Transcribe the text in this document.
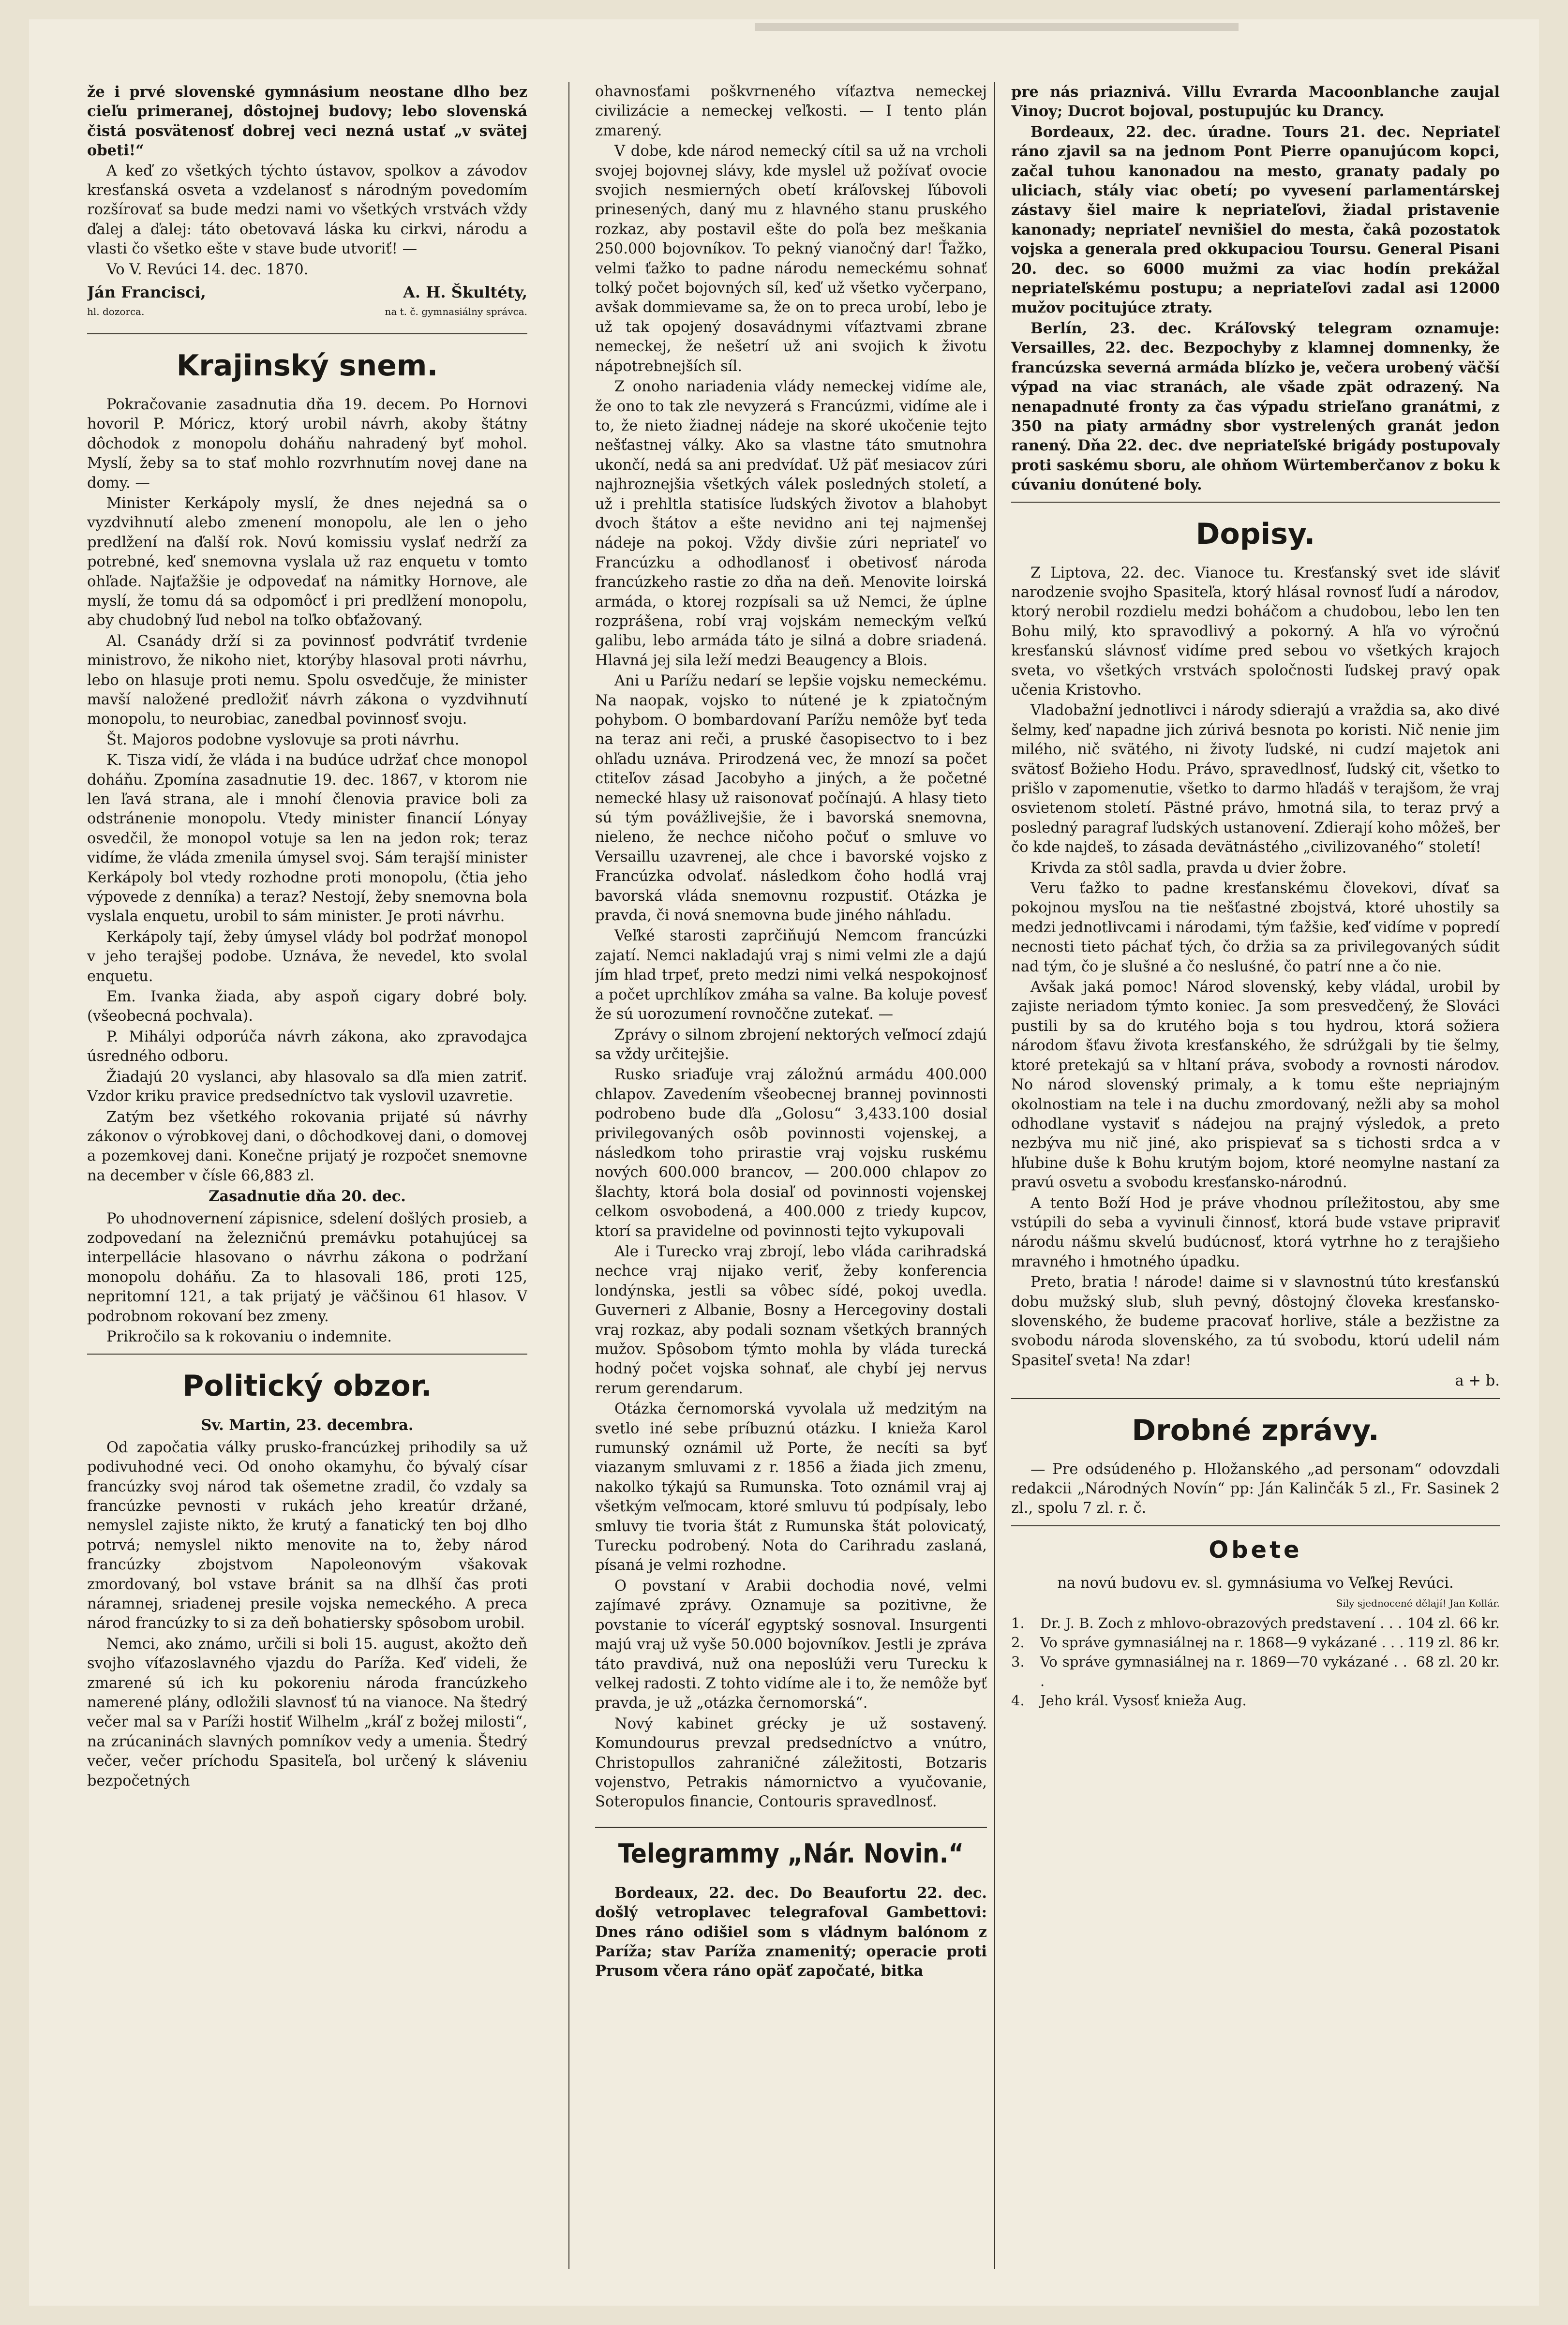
že i prvé slovenské gymnásium neostane dlho bez cieľu primeranej, dôstojnej budovy; lebo slovenská čistá posvätenosť dobrej veci nezná ustať „v svätej obeti!“

A keď zo všetkých týchto ústavov, spolkov a závodov kresťanská osveta a vzdelanosť s národným povedomím rozšírovať sa bude medzi nami vo všetkých vrstvách vždy ďalej a ďalej: táto obetovavá láska ku cirkvi, národu a vlasti čo všetko ešte v stave bude utvoriť! —

Vo V. Revúci 14. dec. 1870.

Ján Francisci,	A. H. Škultéty,
hl. dozorca.	na t. č. gymnasiálny správca.
Krajinský snem.

Pokračovanie zasadnutia dňa 19. decem. Po Hornovi hovoril P. Móricz, ktorý urobil návrh, akoby štátny dôchodok z monopolu doháňu nahradený byť mohol. Myslí, žeby sa to stať mohlo rozvrhnutím novej dane na domy. —

Minister Kerkápoly myslí, že dnes nejedná sa o vyzdvihnutí alebo zmenení monopolu, ale len o jeho predlžení na ďalší rok. Novú komissiu vyslať nedrží za potrebné, keď snemovna vyslala už raz enquetu v tomto ohľade. Najťažšie je odpovedať na námitky Hornove, ale myslí, že tomu dá sa odpomôcť i pri predlžení monopolu, aby chudobný ľud nebol na toľko obťažovaný.

Al. Csanády drží si za povinnosť podvrátiť tvrdenie ministrovo, že nikoho niet, ktorýby hlasoval proti návrhu, lebo on hlasuje proti nemu. Spolu osvedčuje, že minister mavší naložené predložiť návrh zákona o vyzdvihnutí monopolu, to neurobiac, zanedbal povinnosť svoju.

Št. Majoros podobne vyslovuje sa proti návrhu.

K. Tisza vidí, že vláda i na budúce udržať chce monopol doháňu. Zpomína zasadnutie 19. dec. 1867, v ktorom nie len ľavá strana, ale i mnohí členovia pravice boli za odstránenie monopolu. Vtedy minister financií Lónyay osvedčil, že monopol votuje sa len na jedon rok; teraz vidíme, že vláda zmenila úmysel svoj. Sám terajší minister Kerkápoly bol vtedy rozhodne proti monopolu, (čtia jeho výpovede z denníka) a teraz? Nestojí, žeby snemovna bola vyslala enquetu, urobil to sám minister. Je proti návrhu.

Kerkápoly tají, žeby úmysel vlády bol podržať monopol v jeho terajšej podobe. Uznáva, že nevedel, kto svolal enquetu.

Em. Ivanka žiada, aby aspoň cigary dobré boly. (všeobecná pochvala).

P. Mihályi odporúča návrh zákona, ako zpravodajca úsredného odboru.

Žiadajú 20 vyslanci, aby hlasovalo sa dľa mien zatriť. Vzdor kriku pravice predsedníctvo tak vyslovil uzavretie.

Zatým bez všetkého rokovania prijaté sú návrhy zákonov o výrobkovej dani, o dôchodkovej dani, o domovej a pozemkovej dani. Konečne prijatý je rozpočet snemovne na december v čísle 66,883 zl.

Zasadnutie dňa 20. dec.

Po uhodnovernení zápisnice, sdelení došlých prosieb, a zodpovedaní na železničnú premávku potahujúcej sa interpelláciе hlasovano o návrhu zákona o podržaní monopolu doháňu. Za to hlasovali 186, proti 125, nepritomní 121, a tak prijatý je väčšinou 61 hlasov. V podrobnom rokovaní bez zmeny.

Prikročilo sa k rokovaniu o indemnite.

Politický obzor.

Sv. Martin, 23. decembra.

Od započatia války prusko-francúzkej prihodily sa už podivuhodné veci. Od onoho okamyhu, čo bývalý císar francúzky svoj národ tak ošemetne zradil, čo vzdaly sa francúzke pevnosti v rukách jeho kreatúr držané, nemyslel zajiste nikto, že krutý a fanatický ten boj dlho potrvá; nemyslel nikto menovite na to, žeby národ francúzky zbojstvom Napoleonovým všakovak zmordovaný, bol vstave bránit sa na dlhší čas proti náramnej, sriadenej presile vojska nemeckého. A preca národ francúzky to si za deň bohatiersky spôsobom urobil.

Nemci, ako známo, určili si boli 15. august, akožto deň svojho víťazoslavného vjazdu do Paríža. Keď videli, že zmarené sú ich ku pokoreniu národa francúzkeho namerené plány, odložili slavnosť tú na vianoce. Na štedrý večer mal sa v Paríži hostiť Wilhelm „kráľ z božej milosti“, na zrúcaninách slavných pomníkov vedy a umenia. Štedrý večer, večer príchodu Spasiteľa, bol určený k sláveniu bezpočetných

ohavnosťami poškvrneného víťaztva nemeckej civilizácie a nemeckej veľkosti. — I tento plán zmarený.

V dobe, kde národ nemecký cítil sa už na vrcholi svojej bojovnej slávy, kde myslel už požívať ovocie svojich nesmierných obetí kráľovskej ľúbovoli prinesených, daný mu z hlavného stanu pruského rozkaz, aby postavil ešte do poľa bez meškania 250.000 bojovníkov. To pekný vianočný dar! Ťažko, velmi ťažko to padne národu nemeckému sohnať tolký počet bojovných síl, keď už všetko vyčerpano, avšak dommievame sa, že on to preca urobí, lebo je už tak opojený dosavádnymi víťaztvami zbrane nemeckej, že nešetrí už ani svojich k životu nápotrebnejších síl.

Z onoho nariadenia vlády nemeckej vidíme ale, že ono to tak zle nevyzerá s Francúzmi, vidíme ale i to, že nieto žiadnej nádeje na skoré ukočenie tejto nešťastnej války. Ako sa vlastne táto smutnohra ukončí, nedá sa ani predvídať. Už päť mesiacov zúri najhroznejšia všetkých válek posledných století, a už i prehltla statisíce ľudských životov a blahobyt dvoch štátov a ešte nevidno ani tej najmenšej nádeje na pokoj. Vždy divšie zúri nepriateľ vo Francúzku a odhodlanosť i obetivosť národa francúzkeho rastie zo dňa na deň. Menovite loirská armáda, o ktorej rozpísali sa už Nemci, že úplne rozprášena, robí vraj vojskám nemeckým veľkú galibu, lebo armáda táto je silná a dobre sriadená. Hlavná jej sila leží medzi Beaugency a Blois.

Ani u Parížu nedarí se lepšie vojsku nemeckému. Na naopak, vojsko to nútené je k zpiatočným pohybom. O bombardovaní Parížu nemôže byť teda na teraz ani reči, a pruské časopisectvo to i bez ohľadu uznáva. Prirodzená vec, že mnozí sa počet ctiteľov zásad Jacobyho a jiných, a že početné nemecké hlasy už raisonovať počínajú. A hlasy tieto sú tým povážlivejšie, že i bavorská snemovna, nieleno, že nechce ničoho počuť o smluve vo Versaillu uzavrenej, ale chce i bavorské vojsko z Francúzka odvolať. následkom čoho hodlá vraj bavorská vláda snemovnu rozpustiť. Otázka je pravda, či nová snemovna bude jiného náhľadu.

Veľké starosti zaprčiňujú Nemcom francúzki zajatí. Nemci nakladajú vraj s nimi velmi zle a dajú jím hlad trpeť, preto medzi nimi velká nespokojnosť a počet uprchlíkov zmáha sa valne. Ba koluje povesť že sú uorozumení rovnoččne zutekať. —

Zprávy o silnom zbrojení nektorých veľmocí zdajú sa vždy určitejšie.

Rusko sriaďuje vraj záložnú armádu 400.000 chlapov. Zavedením všeobecnej brannej povinnosti podrobeno bude dľa „Golosu“ 3,433.100 dosiaľ privilegovaných osôb povinnosti vojenskej, a následkom toho prirastie vraj vojsku ruskému nových 600.000 brancov, — 200.000 chlapov zo šlachty, ktorá bola dosiaľ od povinnosti vojenskej celkom osvobodená, a 400.000 z triedy kupcov, ktorí sa pravidelne od povinnosti tejto vykupovali

Ale i Turecko vraj zbrojí, lebo vláda carihradská nechce vraj nijako veriť, žeby konferencia londýnska, jestli sa vôbec sídé, pokoj uvedla. Guverneri z Albanie, Bosny a Hercegoviny dostali vraj rozkaz, aby podali soznam všetkých branných mužov. Spôsobom týmto mohla by vláda turecká hodný počet vojska sohnať, ale chybí jej nervus rerum gerendarum.

Otázka černomorská vyvolala už medzitým na svetlo iné sebe príbuznú otázku. I knieža Karol rumunský oznámil už Porte, že necíti sa byť viazanym smluvami z r. 1856 a žiada jich zmenu, nakolko týkajú sa Rumunska. Toto oznámil vraj aj všetkým veľmocam, ktoré smluvu tú podpísaly, lebo smluvy tie tvoria štát z Rumunska štát poloviсatý, Turecku podrobený. Nota do Carihradu zaslaná, písaná je velmi rozhodne.

O povstaní v Arabii dochodia nové, velmi zajímavé zprávy. Oznamuje sa pozitivne, že povstanie to víceráľ egyptský sosnoval. Insurgenti majú vraj už vyše 50.000 bojovníkov. Jestli je zpráva táto pravdivá, nuž ona neposlúži veru Turecku k velkej radosti. Z tohto vidíme ale i to, že nemôže byť pravda, je už „otázka černomorská“.

Nový kabinet grécky je už sostavený. Komundourus prevzal predsedníctvo a vnútro, Christopullos zahraničné záležitosti, Botzaris vojenstvo, Petrakis námornictvo a vyučovanie, Soteropulos financie, Contouris spravedlnosť.

Telegrammy „Nár. Novin.“

Bordeaux, 22. dec. Do Beaufortu 22. dec. došlý vetroplavec telegrafoval Gambettovi: Dnes ráno odišiel som s vládnym balónom z Paríža; stav Paríža znamenitý; operacie proti Prusom včera ráno opäť započaté, bitka

pre nás priaznivá. Villu Evrarda Macoonblanche zaujal Vinoy; Ducrot bojoval, postupujúc ku Drancy.

Bordeaux, 22. dec. úradne. Tours 21. dec. Nepriateľ ráno zjavil sa na jednom Pont Pierre opanujúcom kopci, začal tuhou kanonadou na mesto, granaty padaly po uliciach, stály viac obetí; po vyvesení parlamentárskej zástavy šiel maire k nepriateľovi, žiadal pristavenie kanonady; nepriateľ nevnišiel do mesta, čakâ pozostatok vojska a generala pred okkupaciou Toursu. General Pisani 20. dec. so 6000 mužmi za viac hodín prekážal nepriateľskému postupu; a nepriateľovi zadal asi 12000 mužov pocitujúce ztraty.

Berlín, 23. dec. Kráľovský telegram oznamuje: Versailles, 22. dec. Bezpochyby z klamnej domnenky, že francúzska severná armáda blízko je, večera urobený väčší výpad na viac stranách, ale všade zpät odrazený. Na nenapadnuté fronty za čas výpadu strieľano granátmi, z 350 na piaty armádny sbor vystrelených granát jedon ranený. Dňa 22. dec. dve nepriateľské brigády postupovaly proti saskému sboru, ale ohňom Würtemberčanov z boku k cúvaniu donútené boly.

Dopisy.

Z Liptova, 22. dec. Vianoce tu. Kresťanský svet ide sláviť narodzenie svojho Spasiteľa, ktorý hlásal rovnosť ľudí a národov, ktorý nerobil rozdielu medzi boháčom a chudobou, lebo len ten Bohu milý, kto spravodlivý a pokorný. A hľa vo výročnú kresťanskú slávnosť vidíme pred sebou vo všetkých krajoch sveta, vo všetkých vrstvách spoločnosti ľudskej pravý opak učenia Kristovho.

Vladobažní jednotlivci i národy sdierajú a vraždia sa, ako divé šelmy, keď napadne jich zúrivá besnota po koristi. Nič nenie jim milého, nič svätého, ni životy ľudské, ni cudzí majetok ani svätosť Božieho Hodu. Právo, spravedlnosť, ľudský cit, všetko to prišlo v zapomenutie, všetko to darmo hľadáš v terajšom, že vraj osvietenom století. Pästné právo, hmotná sila, to teraz prvý a posledný paragraf ľudských ustanovení. Zdierají koho môžeš, ber čo kde najdeš, to zásada devätnástého „civilizovaného“ století!

Krivda za stôl sadla, pravda u dvier žobre.

Veru ťažko to padne kresťanskému človekovi, dívať sa pokojnou mysľou na tie nešťastné zbojstvá, ktoré uhostily sa medzi jednotlivcami i národami, tým ťažšie, keď vidíme v popredí necnosti tieto páchať tých, čo držia sa za privilegovaných súdit nad tým, čo je slušné a čo nesluśné, čo patrí nne a čo nie.

Avšak jaká pomoc! Národ slovenský, keby vládal, urobil by zajiste neriadom týmto koniec. Ja som presvedčený, že Slováci pustili by sa do krutého boja s tou hydrou, ktorá sožiera národom šťavu života kresťanského, že sdrúžgali by tie šelmy, ktoré pretekajú sa v hltaní práva, svobody a rovnosti národov. No národ slovenský primaly, a k tomu ešte nepriajným okolnostiam na tele i na duchu zmordovaný, nežli aby sa mohol odhodlane vystaviť s nádejou na prajný výsledok, a preto nezbýva mu nič jiné, ako prispievať sa s tichosti srdca a v hľubine duše k Bohu krutým bojom, ktoré neomylne nastaní za pravú osvetu a svobodu kresťansko-národnú.

A tento Boží Hod je práve vhodnou príležitostou, aby sme vstúpili do seba a vyvinuli činnosť, ktorá bude vstave pripraviť národu nášmu skvelú budúcnosť, ktorá vytrhne ho z terajšieho mravného i hmotného úpadku.

Preto, bratia ! národe! daime si v slavnostnú túto kresťanskú dobu mužský slub, sluh pevný, dôstojný človeka kresťansko-slovenského, že budeme pracovať horlive, stále a bezžistne za svobodu národa slovenského, za tú svobodu, ktorú udelil nám Spasiteľ sveta! Na zdar!

a + b.

Drobné zprávy.

— Pre odsúdeného p. Hložanského „ad personam“ odovzdali redakcii „Národných Novín“ pp: Ján Kalinčák 5 zl., Fr. Sasinek 2 zl., spolu 7 zl. r. č.

Obete

na novú budovu ev. sl. gymnásiuma vo Veľkej Revúci.

Sily sjednocené dělají! Jan Kollár.
1.	Dr. J. B. Zoch z mhlovo-obrazových predstavení . . .	104 zl. 66 kr.
2.	Vo správe gymnasiálnej na r. 1868—9 vykázané . . .	119 zl. 86 kr.
3.	Vo správe gymnasiálnej na r. 1869—70 vykázané . . .	68 zl. 20 kr.
4.	Jeho král. Vysosť knieža Aug.	
